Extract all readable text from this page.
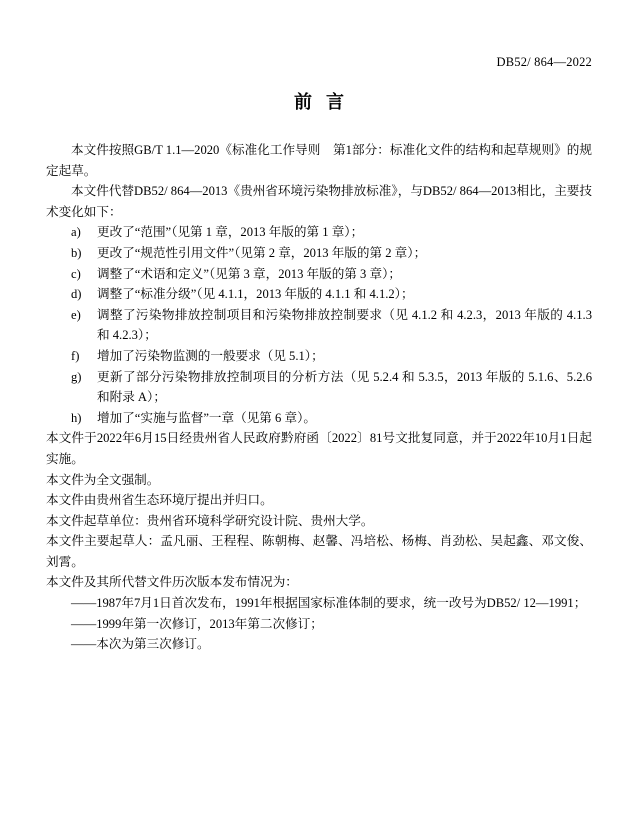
DB52/ 864—2022
前言

本文件按照GB/T 1.1—2020《标准化工作导则　第1部分：标准化文件的结构和起草规则》的规定起草。

本文件代替DB52/ 864—2013《贵州省环境污染物排放标准》，与DB52/ 864—2013相比，主要技术变化如下：

a)	更改了“范围”（见第 1 章，2013 年版的第 1 章）；
b)	更改了“规范性引用文件”（见第 2 章，2013 年版的第 2 章）；
c)	调整了“术语和定义”（见第 3 章，2013 年版的第 3 章）；
d)	调整了“标准分级”（见 4.1.1，2013 年版的 4.1.1 和 4.1.2）；
e)	调整了污染物排放控制项目和污染物排放控制要求（见 4.1.2 和 4.2.3，2013 年版的 4.1.3 和 4.2.3）；
f)	增加了污染物监测的一般要求（见 5.1）；
g)	更新了部分污染物排放控制项目的分析方法（见 5.2.4 和 5.3.5，2013 年版的 5.1.6、5.2.6 和附录 A）；
h)	增加了“实施与监督”一章（见第 6 章）。

本文件于2022年6月15日经贵州省人民政府黔府函〔2022〕81号文批复同意，并于2022年10月1日起实施。

本文件为全文强制。

本文件由贵州省生态环境厅提出并归口。

本文件起草单位：贵州省环境科学研究设计院、贵州大学。

本文件主要起草人：孟凡丽、王程程、陈朝梅、赵馨、冯培松、杨梅、肖劲松、吴起鑫、邓文俊、刘霄。

本文件及其所代替文件历次版本发布情况为：

——1987年7月1日首次发布，1991年根据国家标准体制的要求，统一改号为DB52/ 12—1991；
——1999年第一次修订，2013年第二次修订；
——本次为第三次修订。
